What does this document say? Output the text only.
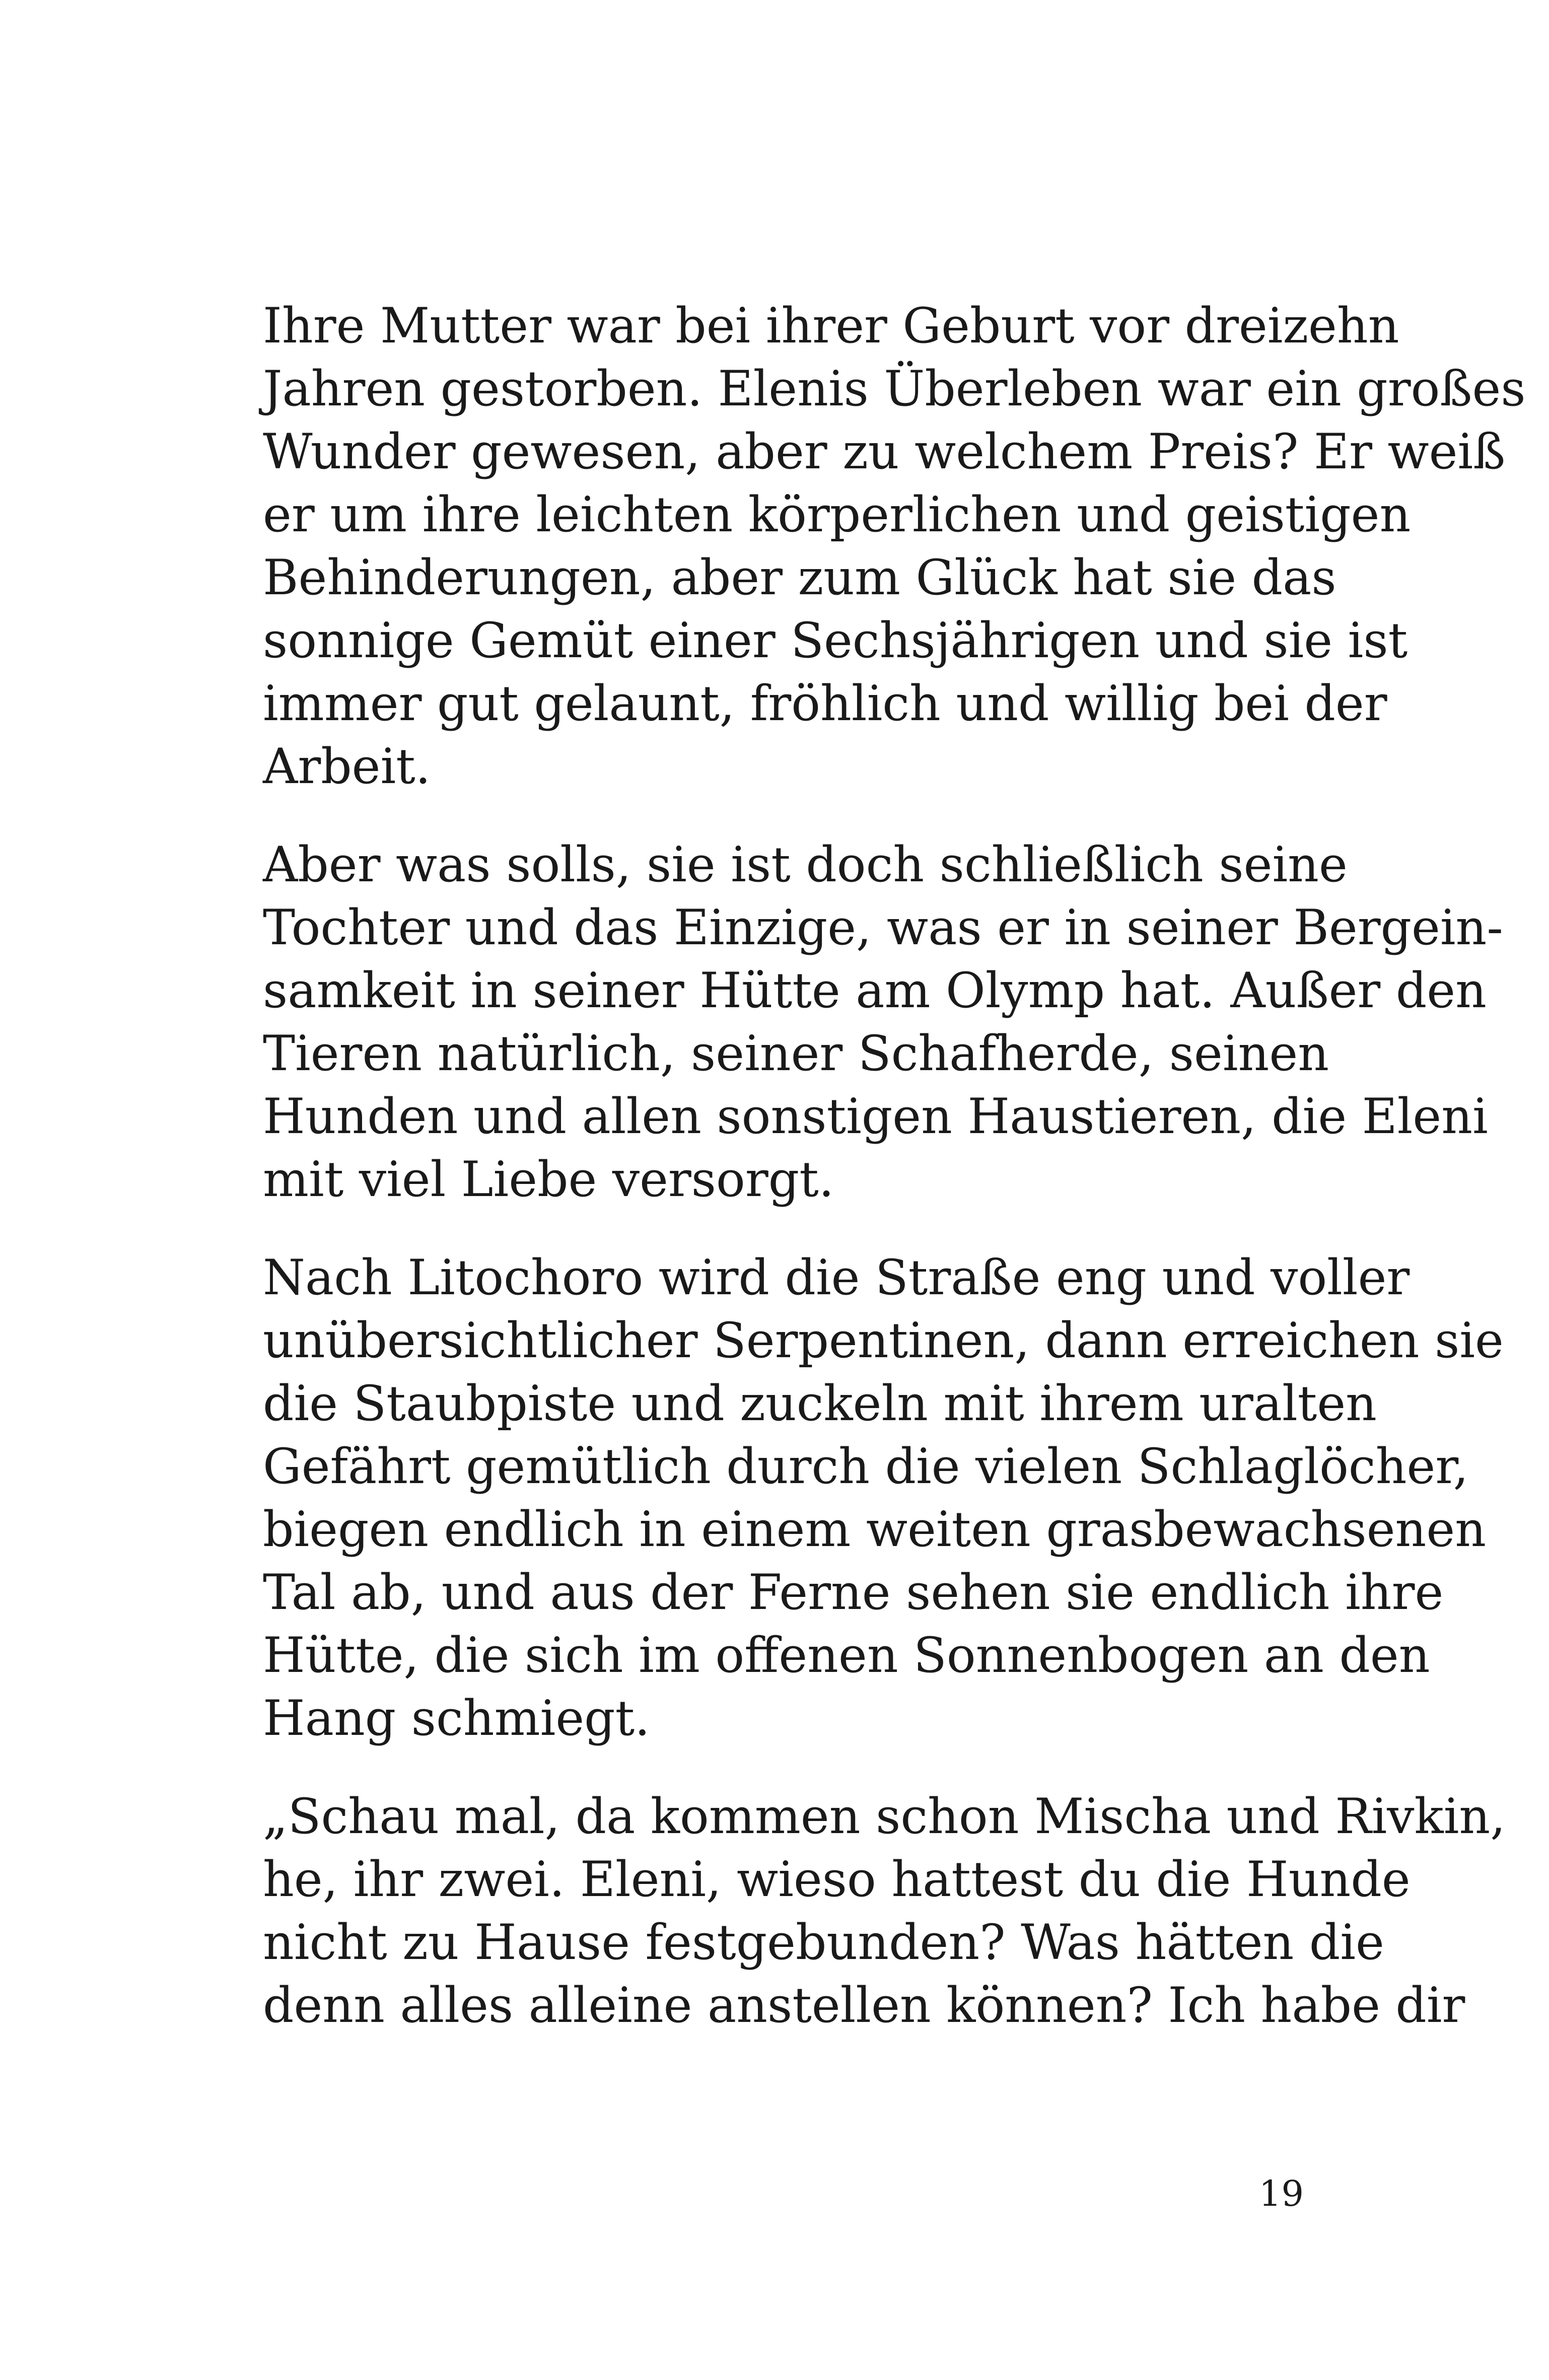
Ihre Mutter war bei ihrer Geburt vor dreizehn
Jahren gestorben. Elenis Überleben war ein großes
Wunder gewesen, aber zu welchem Preis? Er weiß
er um ihre leichten körperlichen und geistigen
Behinderungen, aber zum Glück hat sie das
sonnige Gemüt einer Sechsjährigen und sie ist
immer gut gelaunt, fröhlich und willig bei der
Arbeit.
Aber was solls, sie ist doch schließlich seine
Tochter und das Einzige, was er in seiner Bergein-
samkeit in seiner Hütte am Olymp hat. Außer den
Tieren natürlich, seiner Schafherde, seinen
Hunden und allen sonstigen Haustieren, die Eleni
mit viel Liebe versorgt.
Nach Litochoro wird die Straße eng und voller
unübersichtlicher Serpentinen, dann erreichen sie
die Staubpiste und zuckeln mit ihrem uralten
Gefährt gemütlich durch die vielen Schlaglöcher,
biegen endlich in einem weiten grasbewachsenen
Tal ab, und aus der Ferne sehen sie endlich ihre
Hütte, die sich im offenen Sonnenbogen an den
Hang schmiegt.
„Schau mal, da kommen schon Mischa und Rivkin,
he, ihr zwei. Eleni, wieso hattest du die Hunde
nicht zu Hause festgebunden? Was hätten die
denn alles alleine anstellen können? Ich habe dir
19
